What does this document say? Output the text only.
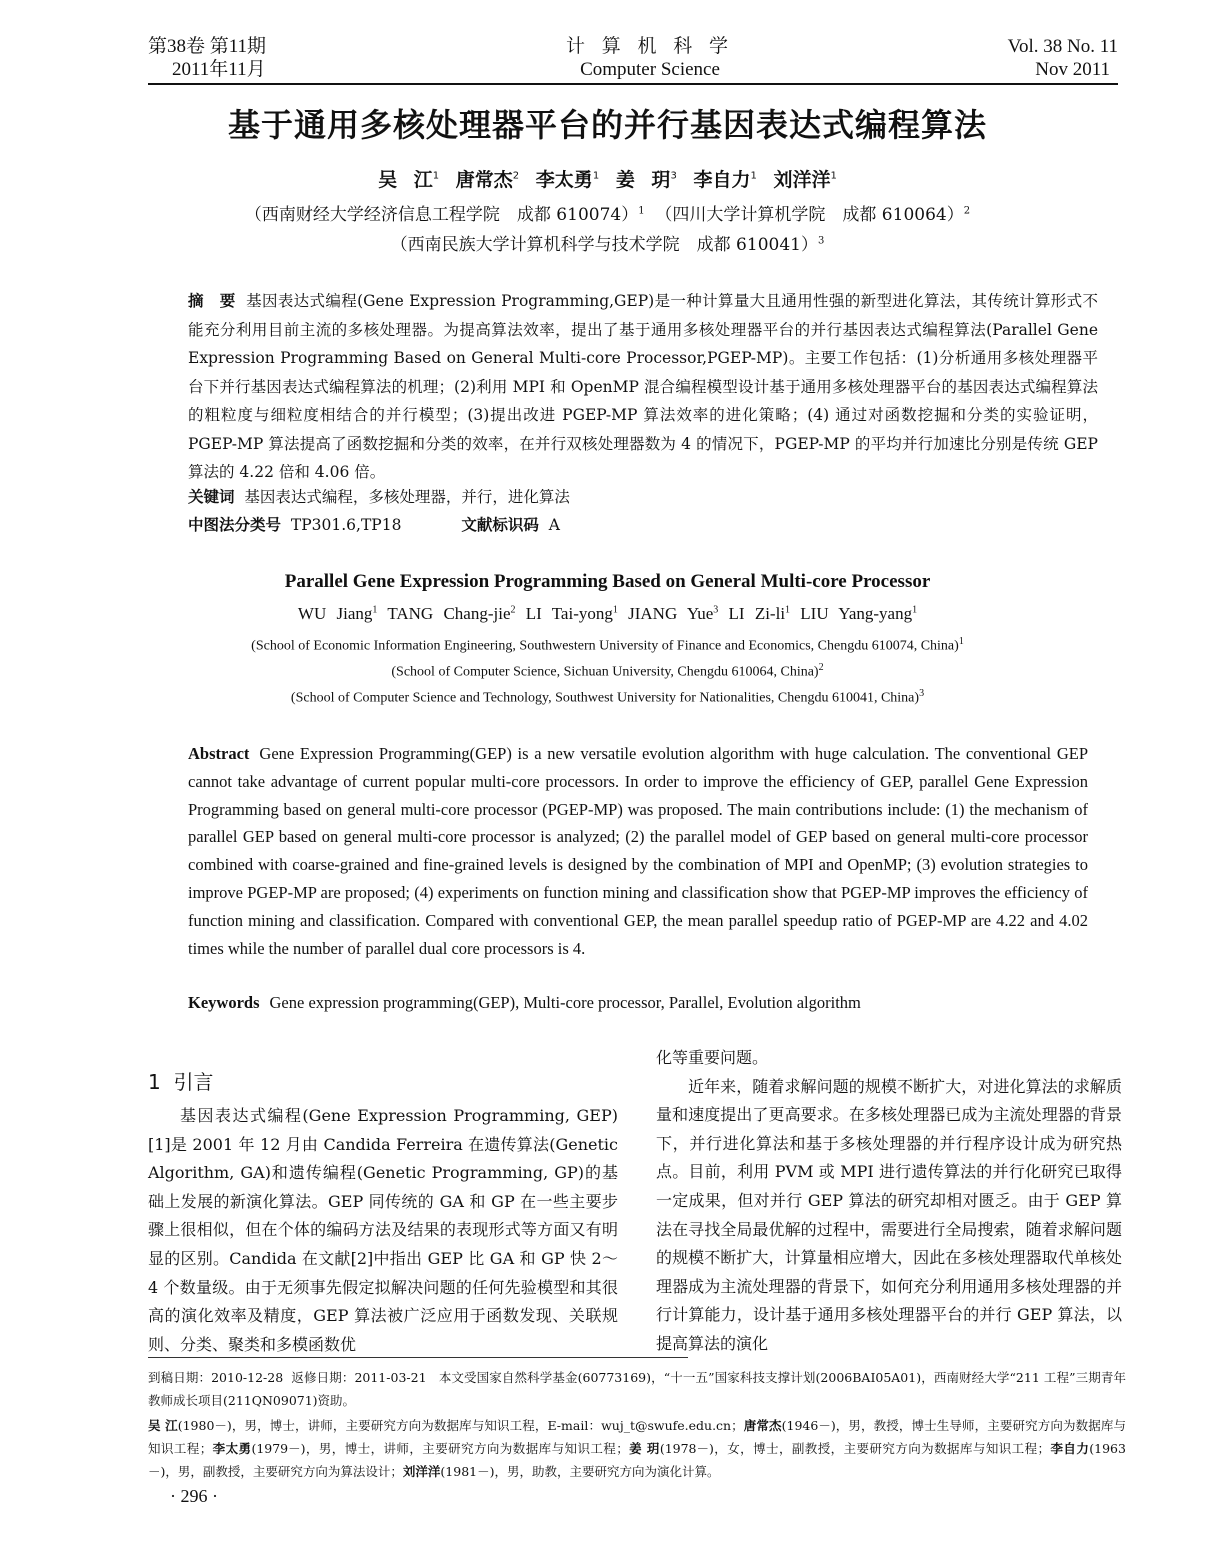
第38卷 第11期
2011年11月
计 算 机 科 学
Computer Science
Vol. 38 No. 11
Nov 2011
基于通用多核处理器平台的并行基因表达式编程算法
吴 江$^1$ 唐常杰$^2$ 李太勇$^1$ 姜 玥$^3$ 李自力$^1$ 刘洋洋$^1$
（西南财经大学经济信息工程学院　成都 610074）$^1$ （四川大学计算机学院　成都 610064）$^2$
（西南民族大学计算机科学与技术学院　成都 610041）$^3$
摘　要 基因表达式编程(Gene Expression Programming,GEP)是一种计算量大且通用性强的新型进化算法，其传统计算形式不能充分利用目前主流的多核处理器。为提高算法效率，提出了基于通用多核处理器平台的并行基因表达式编程算法(Parallel Gene Expression Programming Based on General Multi-core Processor,PGEP-MP)。主要工作包括：(1)分析通用多核处理器平台下并行基因表达式编程算法的机理；(2)利用 MPI 和 OpenMP 混合编程模型设计基于通用多核处理器平台的基因表达式编程算法的粗粒度与细粒度相结合的并行模型；(3)提出改进 PGEP-MP 算法效率的进化策略；(4) 通过对函数挖掘和分类的实验证明，PGEP-MP 算法提高了函数挖掘和分类的效率，在并行双核处理器数为 4 的情况下，PGEP-MP 的平均并行加速比分别是传统 GEP 算法的 4.22 倍和 4.06 倍。
关键词 基因表达式编程，多核处理器，并行，进化算法
中图法分类号 TP301.6,TP18	文献标识码 A
Parallel Gene Expression Programming Based on General Multi-core Processor
WU Jiang$^1$ TANG Chang-jie$^2$ LI Tai-yong$^1$ JIANG Yue$^3$ LI $Zi-li^1$ LIU Yang-yang$^1$
(School of Economic Information Engineering, Southwestern University of Finance and Economics, Chengdu 610074, China)$^1$
(School of Computer Science, Sichuan University, Chengdu 610064, China)$^2$
(School of Computer Science and Technology, Southwest University for Nationalities, Chengdu 610041, China)$^3$
Abstract Gene Expression Programming(GEP) is a new versatile evolution algorithm with huge calculation. The conventional GEP cannot take advantage of current popular multi-core processors. In order to improve the efficiency of GEP, parallel Gene Expression Programming based on general multi-core processor (PGEP-MP) was proposed. The main contributions include: (1) the mechanism of parallel GEP based on general multi-core processor is analyzed; (2) the parallel model of GEP based on general multi-core processor combined with coarse-grained and fine-grained levels is designed by the combination of MPI and OpenMP; (3) evolution strategies to improve PGEP-MP are proposed; (4) experiments on function mining and classification show that PGEP-MP improves the efficiency of function mining and classification. Compared with conventional GEP, the mean parallel speedup ratio of PGEP-MP are 4.22 and 4.02 times while the number of parallel dual core processors is 4.
Keywords Gene expression programming(GEP), Multi-core processor, Parallel, Evolution algorithm
1 引言

基因表达式编程(Gene Expression Programming, GEP)[1]是 2001 年 12 月由 Candida Ferreira 在遗传算法(Genetic Algorithm, GA)和遗传编程(Genetic Programming, GP)的基础上发展的新演化算法。GEP 同传统的 GA 和 GP 在一些主要步骤上很相似，但在个体的编码方法及结果的表现形式等方面又有明显的区别。Candida 在文献[2]中指出 GEP 比 GA 和 GP 快 2～4 个数量级。由于无须事先假定拟解决问题的任何先验模型和其很高的演化效率及精度，GEP 算法被广泛应用于函数发现、关联规则、分类、聚类和多模函数优

化等重要问题。

近年来，随着求解问题的规模不断扩大，对进化算法的求解质量和速度提出了更高要求。在多核处理器已成为主流处理器的背景下，并行进化算法和基于多核处理器的并行程序设计成为研究热点。目前，利用 PVM 或 MPI 进行遗传算法的并行化研究已取得一定成果，但对并行 GEP 算法的研究却相对匮乏。由于 GEP 算法在寻找全局最优解的过程中，需要进行全局搜索，随着求解问题的规模不断扩大，计算量相应增大，因此在多核处理器取代单核处理器成为主流处理器的背景下，如何充分利用通用多核处理器的并行计算能力，设计基于通用多核处理器平台的并行 GEP 算法，以提高算法的演化

到稿日期：2010-12-28 返修日期：2011-03-21 本文受国家自然科学基金(60773169)，“十一五”国家科技支撑计划(2006BAI05A01)，西南财经大学“211 工程”三期青年教师成长项目(211QN09071)资助。
吴 江(1980－)，男，博士，讲师，主要研究方向为数据库与知识工程，E-mail：wuj_t@swufe.edu.cn；唐常杰(1946－)，男，教授，博士生导师，主要研究方向为数据库与知识工程；李太勇(1979－)，男，博士，讲师，主要研究方向为数据库与知识工程；姜 玥(1978－)，女，博士，副教授，主要研究方向为数据库与知识工程；李自力(1963－)，男，副教授，主要研究方向为算法设计；刘洋洋(1981－)，男，助教，主要研究方向为演化计算。
· 296 ·
